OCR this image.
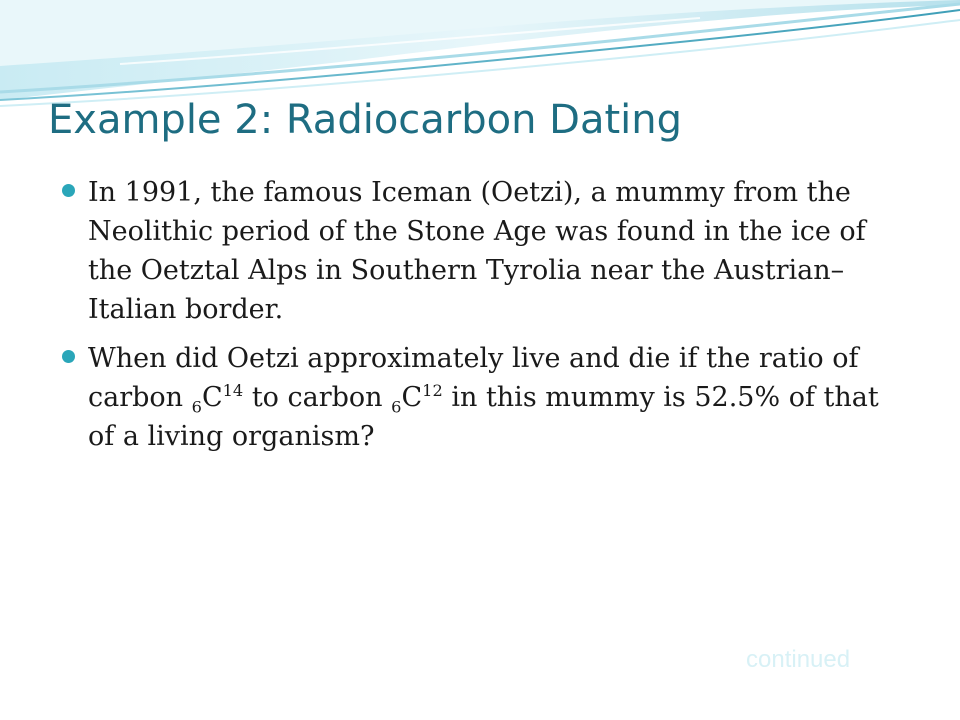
Example 2: Radiocarbon Dating
In 1991, the famous Iceman (Oetzi), a mummy from the Neolithic period of the Stone Age was found in the ice of the Oetztal Alps in Southern Tyrolia near the Austrian–Italian border.
When did Oetzi approximately live and die if the ratio of carbon $_6C^{14}$ to carbon $_6C^{12}$ in this mummy is 52.5% of that of a living organism?
continued
